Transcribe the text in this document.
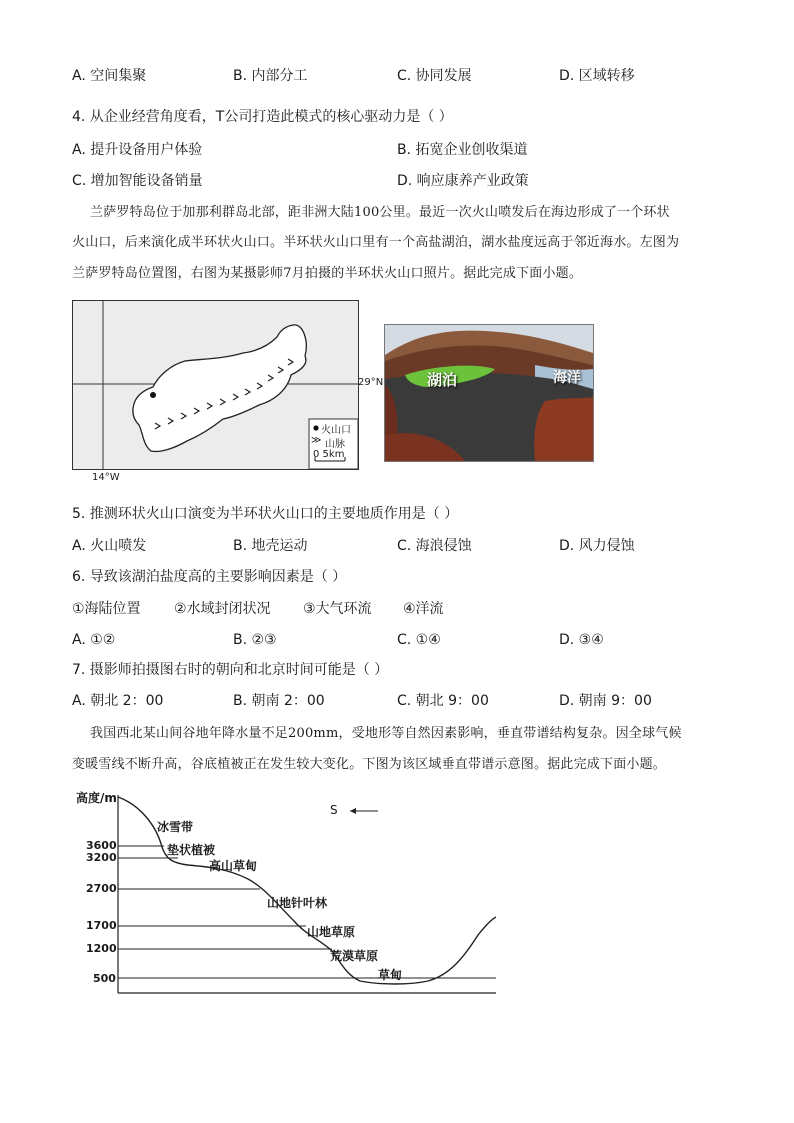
A. 空间集聚	B. 内部分工	C. 协同发展	D. 区域转移
4. 从企业经营角度看，T公司打造此模式的核心驱动力是（ ）
A. 提升设备用户体验	B. 拓宽企业创收渠道
C. 增加智能设备销量	D. 响应康养产业政策
兰萨罗特岛位于加那利群岛北部，距非洲大陆100公里。最近一次火山喷发后在海边形成了一个环状
火山口，后来演化成半环状火山口。半环状火山口里有一个高盐湖泊，湖水盐度远高于邻近海水。左图为
兰萨罗特岛位置图，右图为某摄影师7月拍摄的半环状火山口照片。据此完成下面小题。
火山口
≫ 山脉
0 5km
29°N
14°W
湖泊	海洋
5. 推测环状火山口演变为半环状火山口的主要地质作用是（ ）
A. 火山喷发	B. 地壳运动	C. 海浪侵蚀	D. 风力侵蚀
6. 导致该湖泊盐度高的主要影响因素是（ ）
①海陆位置 ②水域封闭状况 ③大气环流 ④洋流
A. ①②	B. ②③	C. ①④	D. ③④
7. 摄影师拍摄图右时的朝向和北京时间可能是（ ）
A. 朝北 2：00	B. 朝南 2：00	C. 朝北 9：00	D. 朝南 9：00
我国西北某山间谷地年降水量不足200mm，受地形等自然因素影响，垂直带谱结构复杂。因全球气候
变暖雪线不断升高，谷底植被正在发生较大变化。下图为该区域垂直带谱示意图。据此完成下面小题。
高度/m
S
3600
3200
2700
1700
1200
500
冰雪带
垫状植被
高山草甸
山地针叶林
山地草原
荒漠草原
草甸
